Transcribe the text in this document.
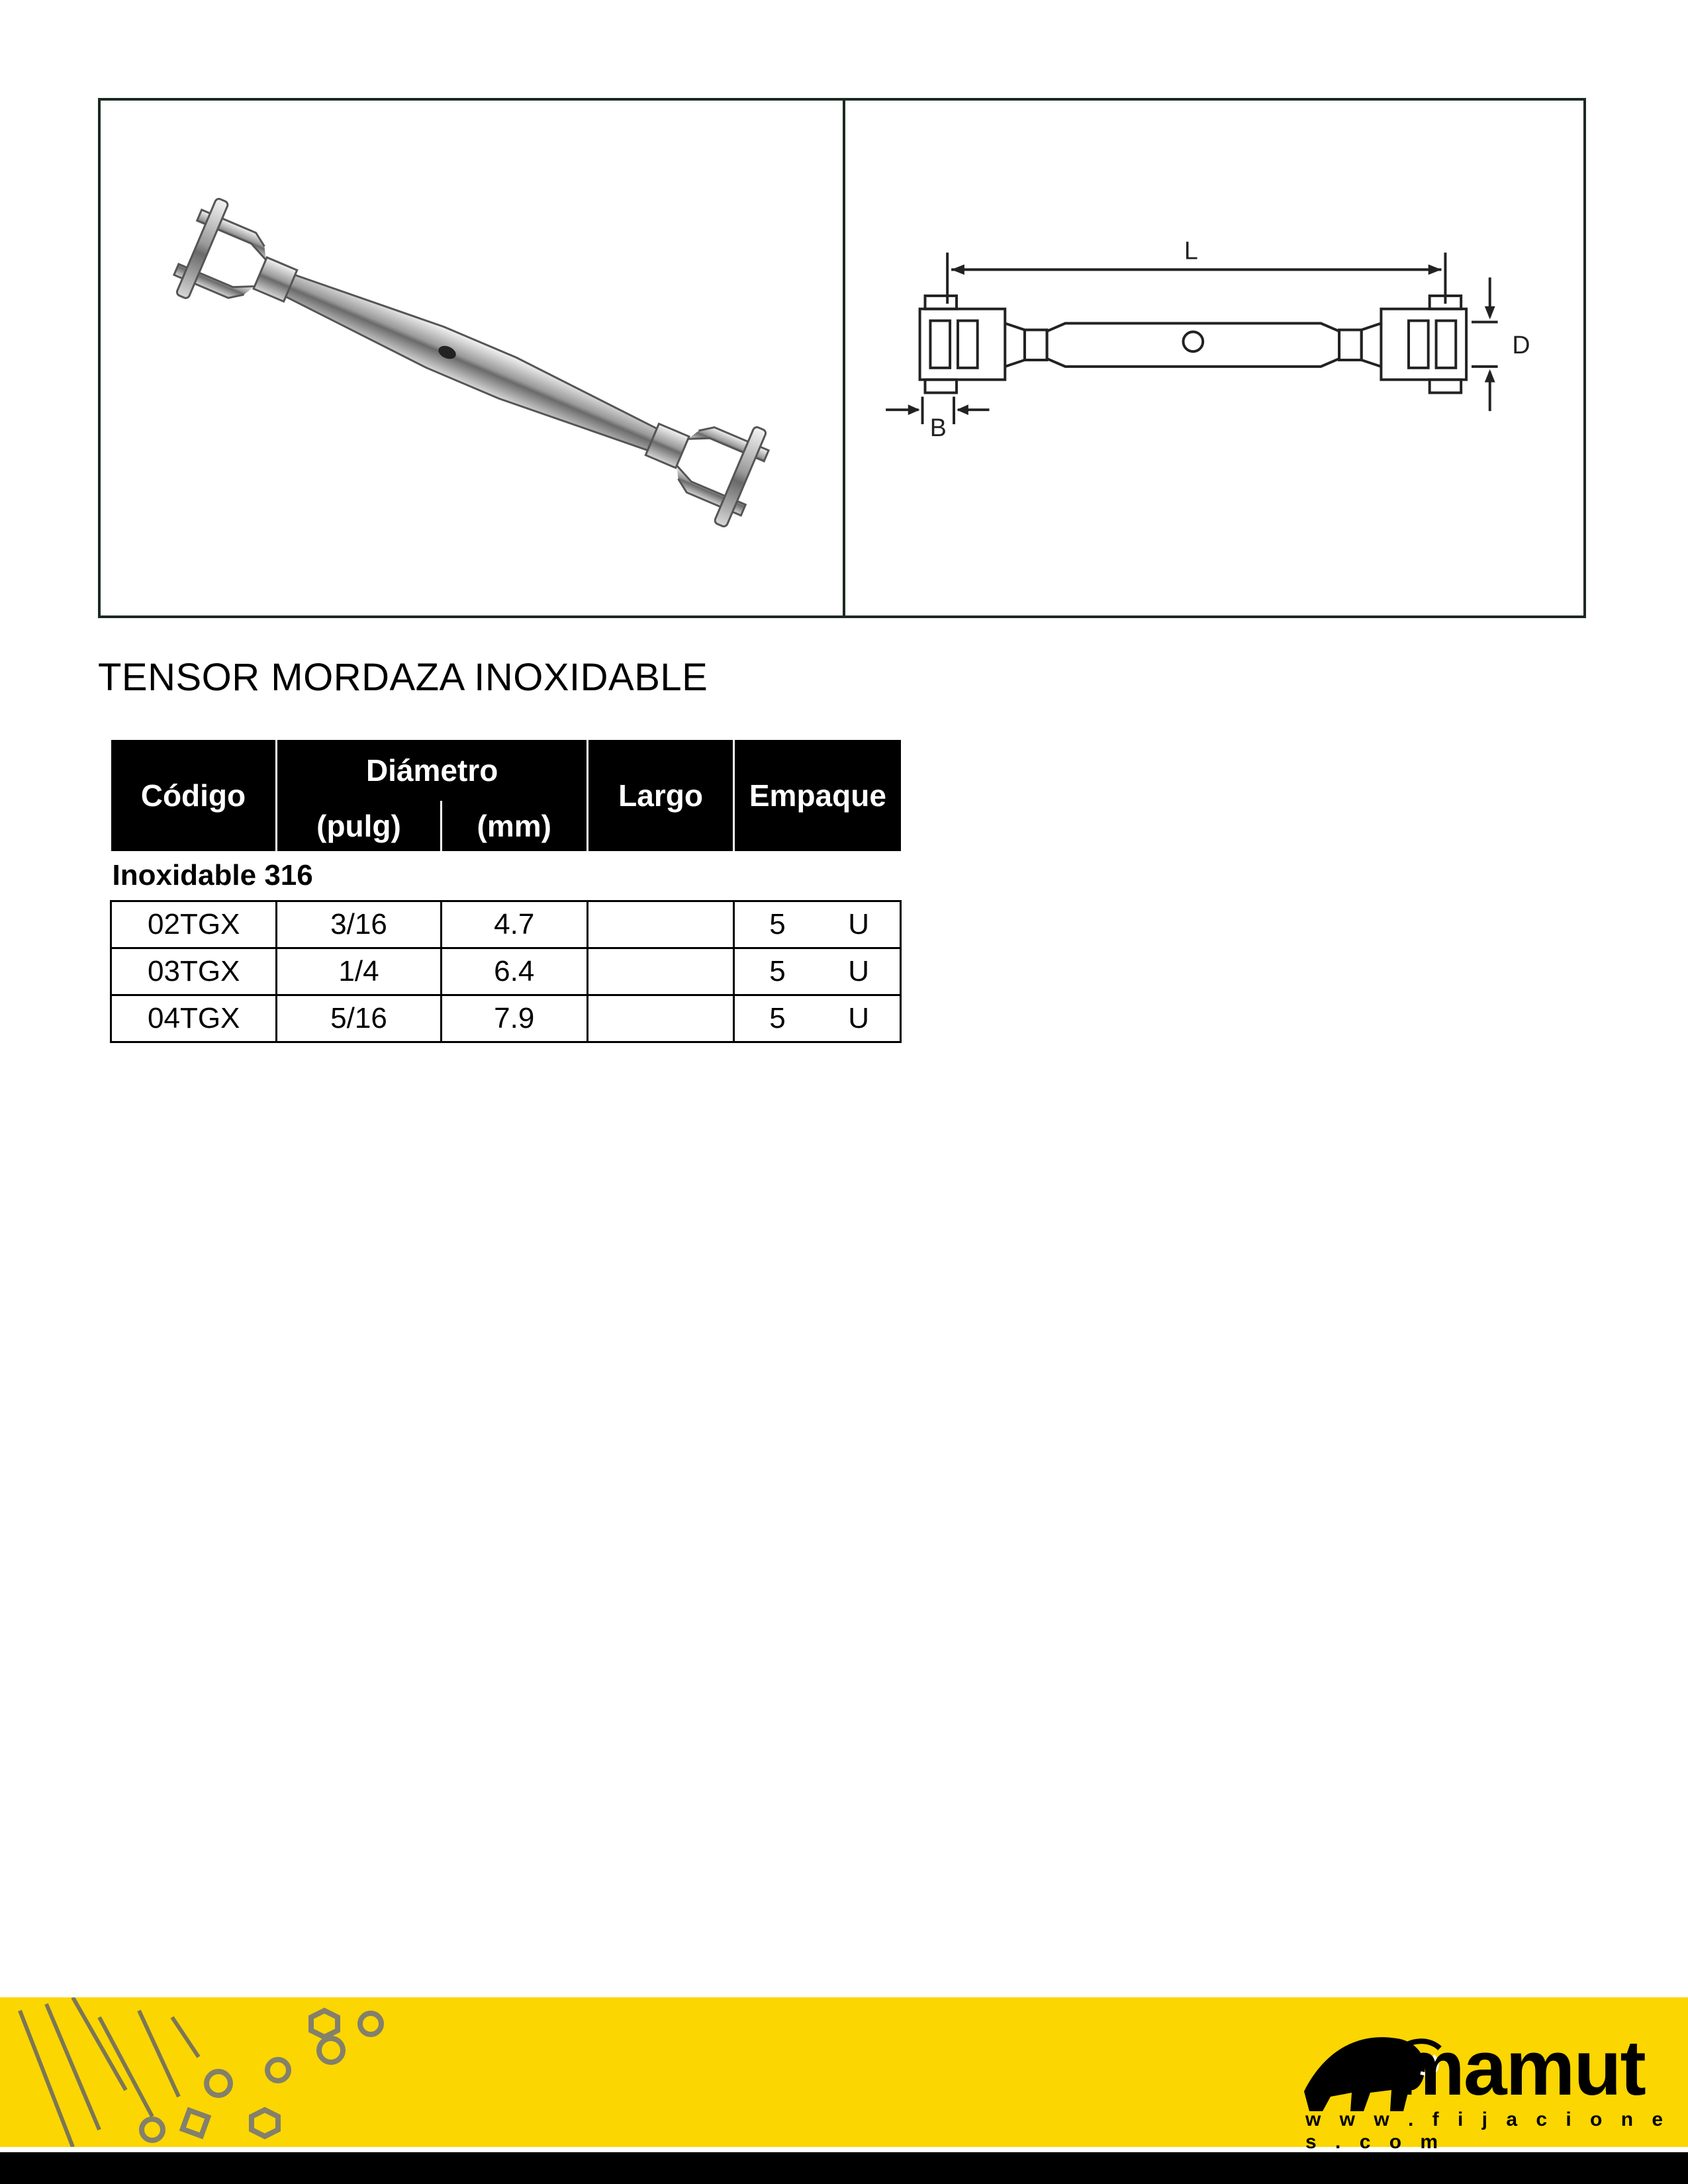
L
D
B
TENSOR MORDAZA INOXIDABLE
Código	Diámetro		Largo	Empaque
	(pulg)	(mm)		
Inoxidable 316				
02TGX	3/16	4.7		5 U

03TGX	1/4	6.4		5 U

04TGX	5/16	7.9		5 U
mamut
w w w . f i j a c i o n e s . c o m
